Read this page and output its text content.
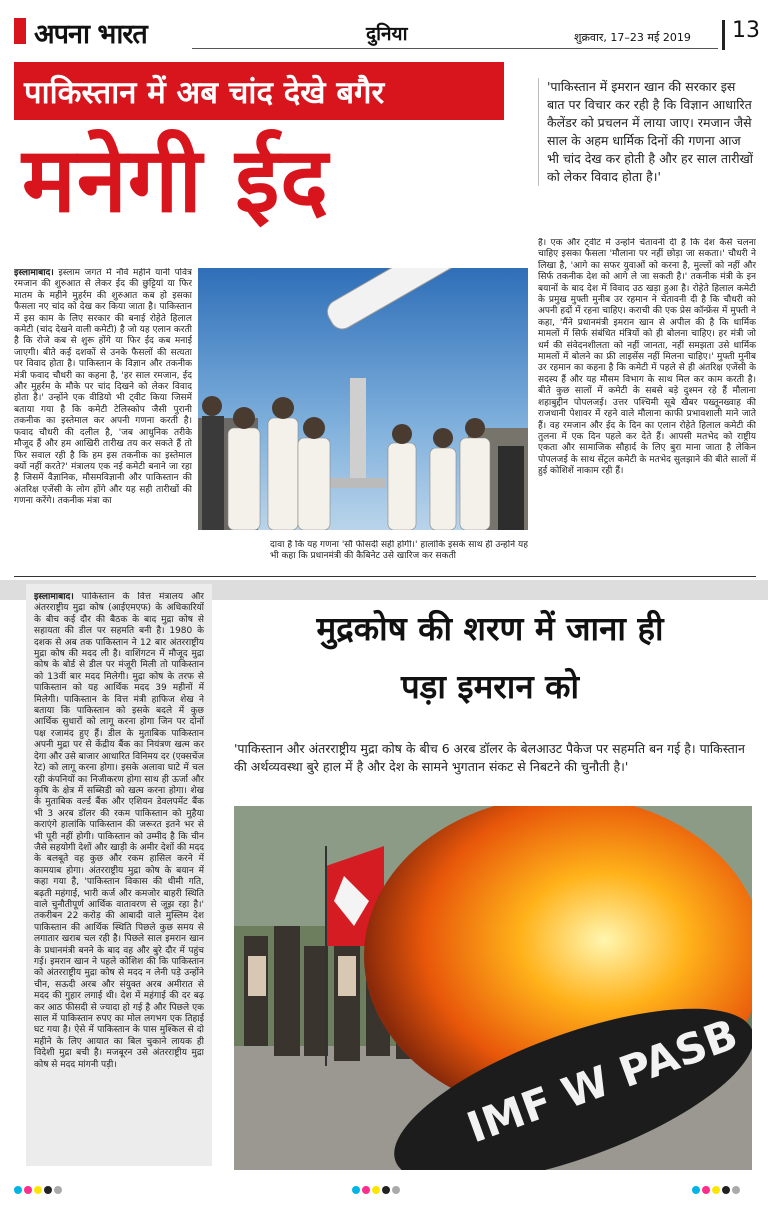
अपना भारत	दुनिया	शुक्रवार, 17–23 मई 2019 13
पाकिस्तान में अब चांद देखे बगैर
मनेगी ईद
'पाकिस्तान में इमरान खान की सरकार इस बात पर विचार कर रही है कि विज्ञान आधारित कैलेंडर को प्रचलन में लाया जाए। रमजान जैसे साल के अहम धार्मिक दिनों की गणना आज भी चांद देख कर होती है और हर साल तारीखों को लेकर विवाद होता है।'
इस्लामाबाद। इस्लाम जगत में नौवें महीने यानी पवित्र रमजान की शुरुआत से लेकर ईद की छुट्टियां या फिर मातम के महीने मुहर्रम की शुरुआत कब हो इसका फैसला नए चांद को देख कर किया जाता है। पाकिस्तान में इस काम के लिए सरकार की बनाई रोहेते हिलाल कमेटी (चांद देखने वाली कमेटी) है जो यह एलान करती है कि रोजे कब से शुरू होंगे या फिर ईद कब मनाई जाएगी। बीते कई दशकों से उनके फैसलों की सत्यता पर विवाद होता है। पाकिस्तान के विज्ञान और तकनीक मंत्री फवाद चौधरी का कहना है, 'हर साल रमजान, ईद और मुहर्रम के मौके पर चांद दिखने को लेकर विवाद होता है।' उन्होंने एक वीडियो भी ट्वीट किया जिसमें बताया गया है कि कमेटी टेलिस्कोप जैसी पुरानी तकनीक का इस्तेमाल कर अपनी गणना करती है। फवाद चौधरी की दलील है, 'जब आधुनिक तरीके मौजूद हैं और हम आखिरी तारीख तय कर सकते हैं तो फिर सवाल रही है कि हम इस तकनीक का इस्तेमाल क्यों नहीं करते?' मंत्रालय एक नई कमेटी बनाने जा रहा है जिसमें वैज्ञानिक, मौसमविज्ञानी और पाकिस्तान की अंतरिक्ष एजेंसी के लोग होंगे और यह सही तारीखों की गणना करेंगे। तकनीक मंत्रा का
दावा है कि यह गणना 'सौ फीसदी सही होगी।' हालांकि इसके साथ ही उन्होंने यह भी कहा कि प्रधानमंत्री की कैबिनेट उसे खारिज कर सकती
है। एक और ट्वीट में उन्होंने चेतावनी दी है कि देश कैसे चलना चाहिए इसका फैसला 'मौलाना पर नहीं छोड़ा जा सकता।' चौधरी ने लिखा है, 'आगे का सफर युवाओं को करना है, मुल्लों को नहीं और सिर्फ तकनीक देश को आगे ले जा सकती है।' तकनीक मंत्री के इन बयानों के बाद देश में विवाद उठ खड़ा हुआ है। रोहेते हिलाल कमेटी के प्रमुख मुफ्ती मुनीब उर रहमान ने चेतावनी दी है कि चौधरी को अपनी हदों में रहना चाहिए। कराची की एक प्रेस कॉन्फ्रेंस में मुफ्ती ने कहा, 'मैंने प्रधानमंत्री इमरान खान से अपील की है कि धार्मिक मामलों में सिर्फ संबंधित मंत्रियों को ही बोलना चाहिए। हर मंत्री जो धर्म की संवेदनशीलता को नहीं जानता, नहीं समझता उसे धार्मिक मामलों में बोलने का फ्री लाइसेंस नहीं मिलना चाहिए।' मुफ्ती मुनीब उर रहमान का कहना है कि कमेटी में पहले से ही अंतरिक्ष एजेंसी के सदस्य हैं और यह मौसम विभाग के साथ मिल कर काम करती है। बीते कुछ सालों में कमेटी के सबसे बड़े दुश्मन रहे हैं मौलाना शहाबुद्दीन पोपलजई। उत्तर पश्चिमी सूबे खैबर पख्तूनख्वाह की राजधानी पेशावर में रहने वाले मौलाना काफी प्रभावशाली माने जाते हैं। वह रमजान और ईद के दिन का एलान रोहेते हिलाल कमेटी की तुलना में एक दिन पहले कर देते हैं। आपसी मतभेद को राष्ट्रीय एकता और सामाजिक सौहार्द के लिए बुरा माना जाता है लेकिन पोपलजई के साथ सेंट्रल कमेटी के मतभेद सुलझाने की बीते सालों में हुई कोशिशें नाकाम रही हैं।
इस्लामाबाद। पाकिस्तान के वित्त मंत्रालय और अंतरराष्ट्रीय मुद्रा कोष (आईएमएफ) के अधिकारियों के बीच कई दौर की बैठक के बाद मुद्रा कोष से सहायता की डील पर सहमति बनी है। 1980 के दशक से अब तक पाकिस्तान ने 12 बार अंतरराष्ट्रीय मुद्रा कोष की मदद ली है। वाशिंगटन में मौजूद मुद्रा कोष के बोर्ड से डील पर मंजूरी मिली तो पाकिस्तान को 13वीं बार मदद मिलेगी। मुद्रा कोष के तरफ से पाकिस्तान को यह आर्थिक मदद 39 महीनों में मिलेगी। पाकिस्तान के वित्त मंत्री हाफिज शेख ने बताया कि पाकिस्तान को इसके बदले में कुछ आर्थिक सुधारों को लागू करना होगा जिन पर दोनों पक्ष रजामंद हुए हैं। डील के मुताबिक पाकिस्तान अपनी मुद्रा पर से केंद्रीय बैंक का नियंत्रण खत्म कर देगा और उसे बाजार आधारित विनिमय दर (एक्सचेंज रेट) को लागू करना होगा। इसके अलावा घाटे में चल रही कंपनियों का निजीकरण होगा साथ ही ऊर्जा और कृषि के क्षेत्र में सब्सिडी को खत्म करना होगा। शेख के मुताबिक वर्ल्ड बैंक और एशियन डेवलपमेंट बैंक भी 3 अरब डॉलर की रकम पाकिस्तान को मुहैया कराएंगे हालांकि पाकिस्तान की जरूरत इतने भर से भी पूरी नहीं होगी। पाकिस्तान को उम्मीद है कि चीन जैसे सहयोगी देशों और खाड़ी के अमीर देशों की मदद के बलबूते वह कुछ और रकम हासिल करने में कामयाब होगा। अंतरराष्ट्रीय मुद्रा कोष के बयान में कहा गया है, 'पाकिस्तान विकास की धीमी गति, बढ़ती महंगाई, भारी कर्ज और कमजोर बाहरी स्थिति वाले चुनौतीपूर्ण आर्थिक वातावरण से जूझ रहा है।' तकरीबन 22 करोड़ की आबादी वाले मुस्लिम देश पाकिस्तान की आर्थिक स्थिति पिछले कुछ समय से लगातार खराब चल रही है। पिछले साल इमरान खान के प्रधानमंत्री बनने के बाद वह और बुरे दौर में पहुंच गई। इमरान खान ने पहले कोशिश की कि पाकिस्तान को अंतरराष्ट्रीय मुद्रा कोष से मदद न लेनी पड़े उन्होंने चीन, सऊदी अरब और संयुक्त अरब अमीरात से मदद की गुहार लगाई थी। देश में महंगाई की दर बढ़ कर आठ फीसदी से ज्यादा हो गई है और पिछले एक साल में पाकिस्तान रुपए का मोल लगभग एक तिहाई घट गया है। ऐसे में पाकिस्तान के पास मुश्किल से दो महीने के लिए आयात का बिल चुकाने लायक ही विदेशी मुद्रा बची है। मजबूरन उसे अंतरराष्ट्रीय मुद्रा कोष से मदद मांगनी पड़ी।
मुद्रकोष की शरण में जाना ही
पड़ा इमरान को
'पाकिस्तान और अंतरराष्ट्रीय मुद्रा कोष के बीच 6 अरब डॉलर के बेलआउट पैकेज पर सहमति बन गई है। पाकिस्तान की अर्थव्यवस्था बुरे हाल में है और देश के सामने भुगतान संकट से निबटने की चुनौती है।'
IMF W PASB
